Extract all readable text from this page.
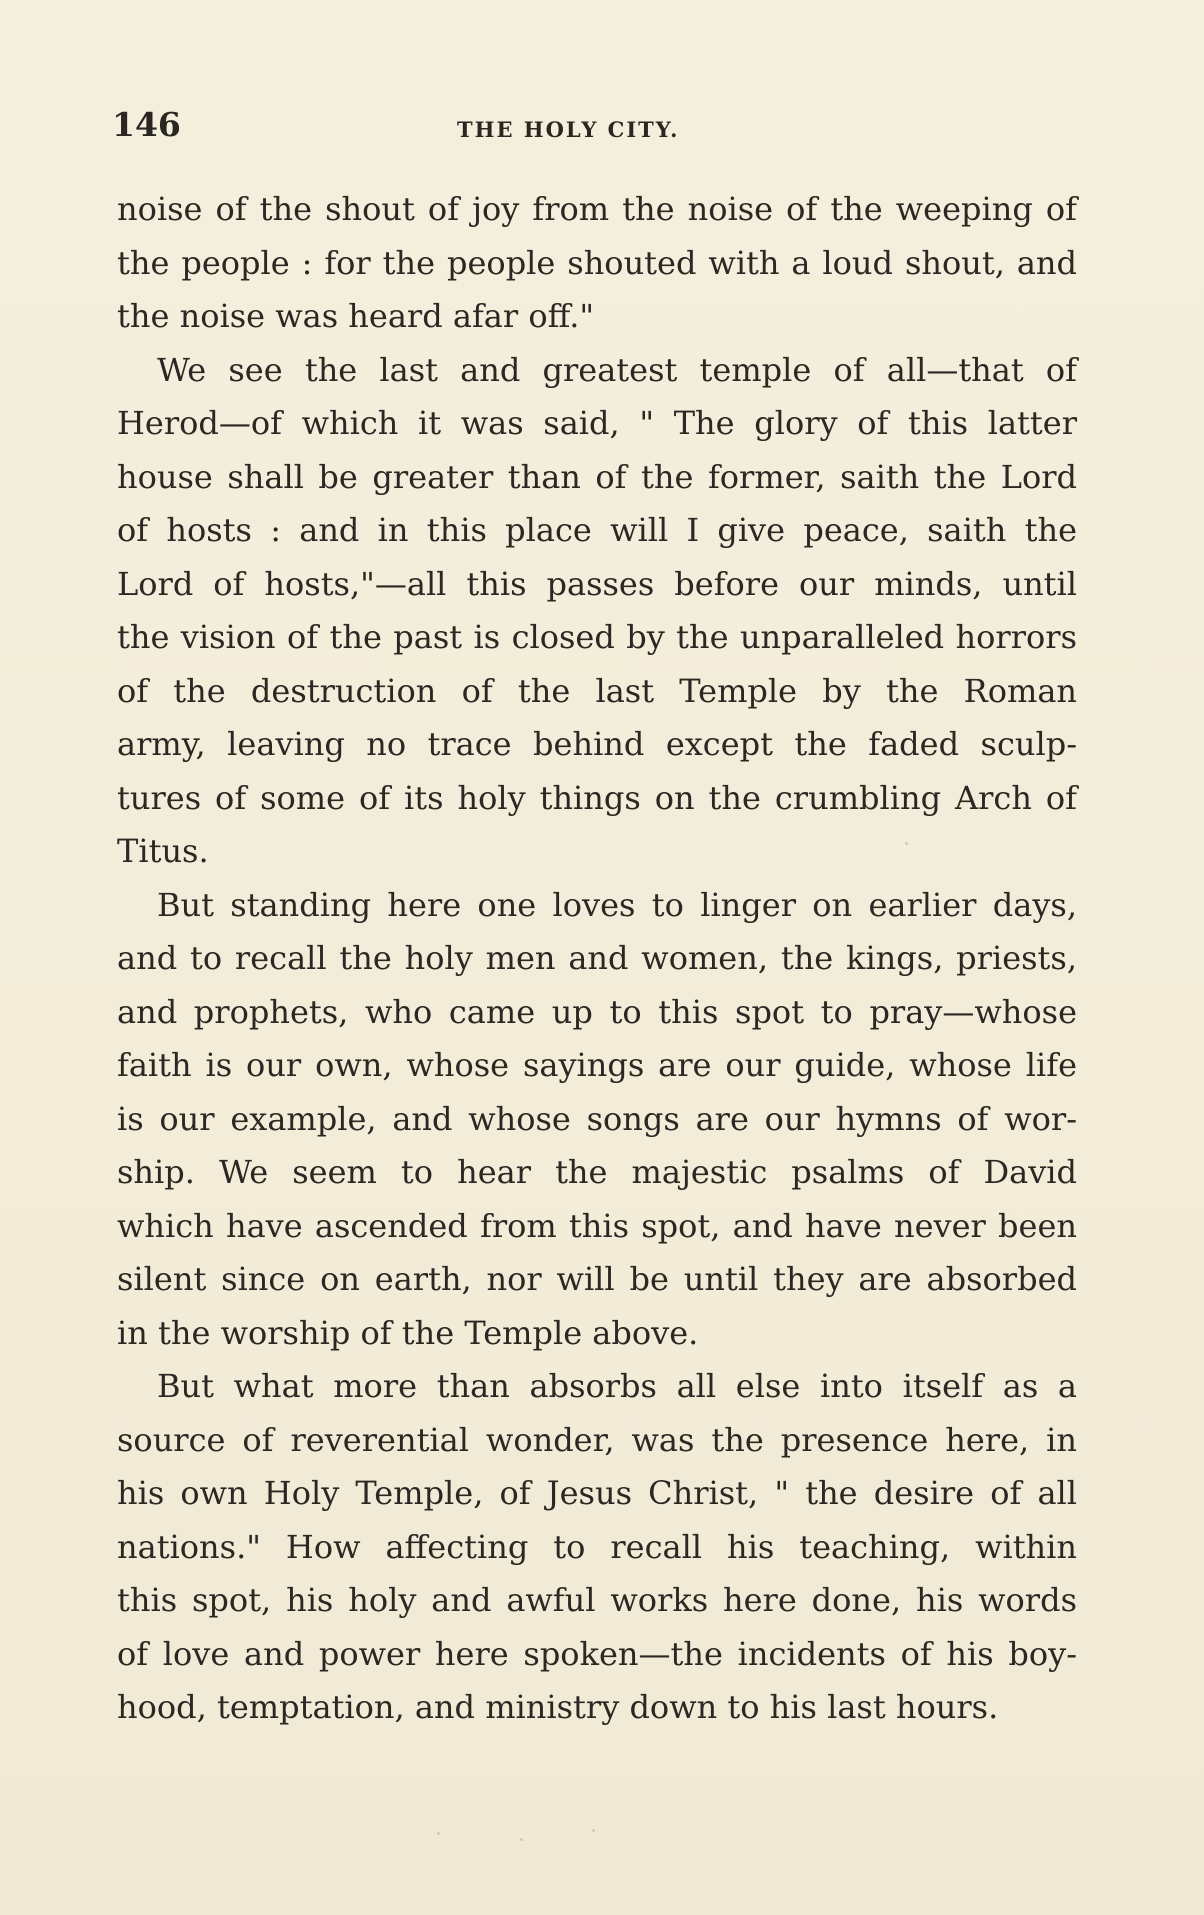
146	THE HOLY CITY.
noise of the shout of joy from the noise of the weeping of
the people : for the people shouted with a loud shout, and
the noise was heard afar off."
We see the last and greatest temple of all—that of
Herod—of which it was said, " The glory of this latter
house shall be greater than of the former, saith the Lord
of hosts : and in this place will I give peace, saith the
Lord of hosts,"—all this passes before our minds, until
the vision of the past is closed by the unparalleled horrors
of the destruction of the last Temple by the Roman
army, leaving no trace behind except the faded sculp-
tures of some of its holy things on the crumbling Arch of
Titus.
But standing here one loves to linger on earlier days,
and to recall the holy men and women, the kings, priests,
and prophets, who came up to this spot to pray—whose
faith is our own, whose sayings are our guide, whose life
is our example, and whose songs are our hymns of wor-
ship. We seem to hear the majestic psalms of David
which have ascended from this spot, and have never been
silent since on earth, nor will be until they are absorbed
in the worship of the Temple above.
But what more than absorbs all else into itself as a
source of reverential wonder, was the presence here, in
his own Holy Temple, of Jesus Christ, " the desire of all
nations." How affecting to recall his teaching, within
this spot, his holy and awful works here done, his words
of love and power here spoken—the incidents of his boy-
hood, temptation, and ministry down to his last hours.
